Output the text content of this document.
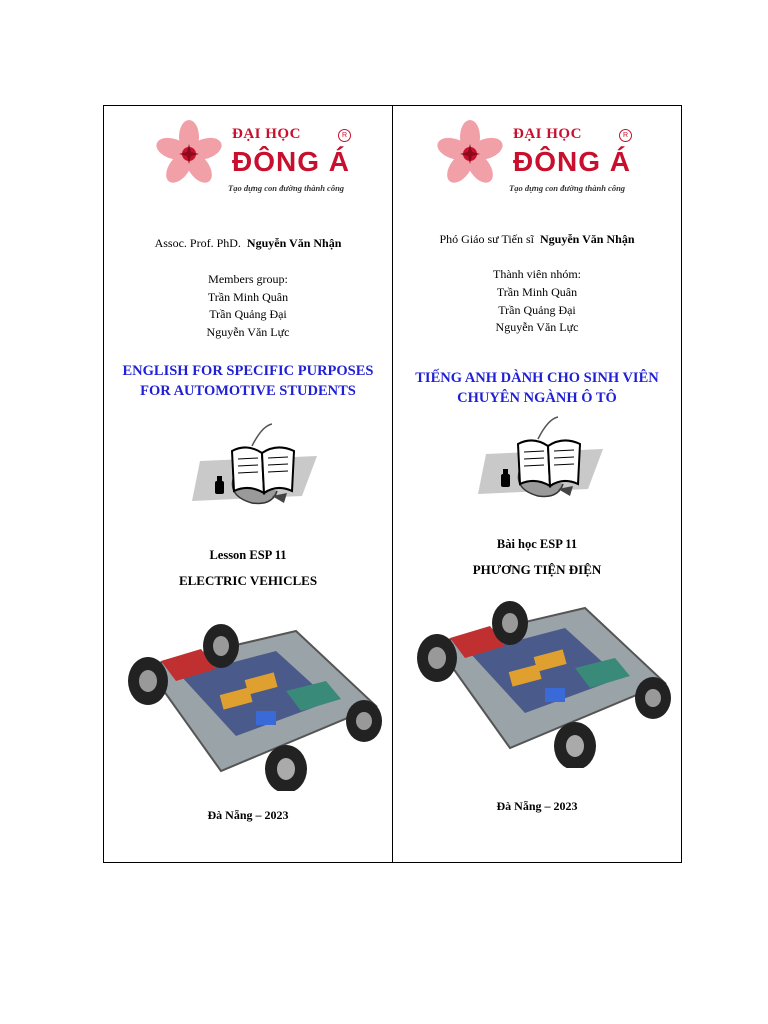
ĐẠI HỌC	R
ĐÔNG Á
Tạo dựng con đường thành công
Assoc. Prof. PhD. Nguyễn Văn Nhận
Members group:
Trần Minh Quân
Trần Quảng Đại
Nguyễn Văn Lực
ENGLISH FOR SPECIFIC PURPOSES
FOR AUTOMOTIVE STUDENTS
Lesson ESP 11
ELECTRIC VEHICLES
Đà Nẵng – 2023
ĐẠI HỌC	R
ĐÔNG Á
Tạo dựng con đường thành công
Phó Giáo sư Tiến sĩ Nguyễn Văn Nhận
Thành viên nhóm:
Trần Minh Quân
Trần Quảng Đại
Nguyễn Văn Lực
TIẾNG ANH DÀNH CHO SINH VIÊN
CHUYÊN NGÀNH Ô TÔ
Bài học ESP 11
PHƯƠNG TIỆN ĐIỆN
Đà Nẵng – 2023
